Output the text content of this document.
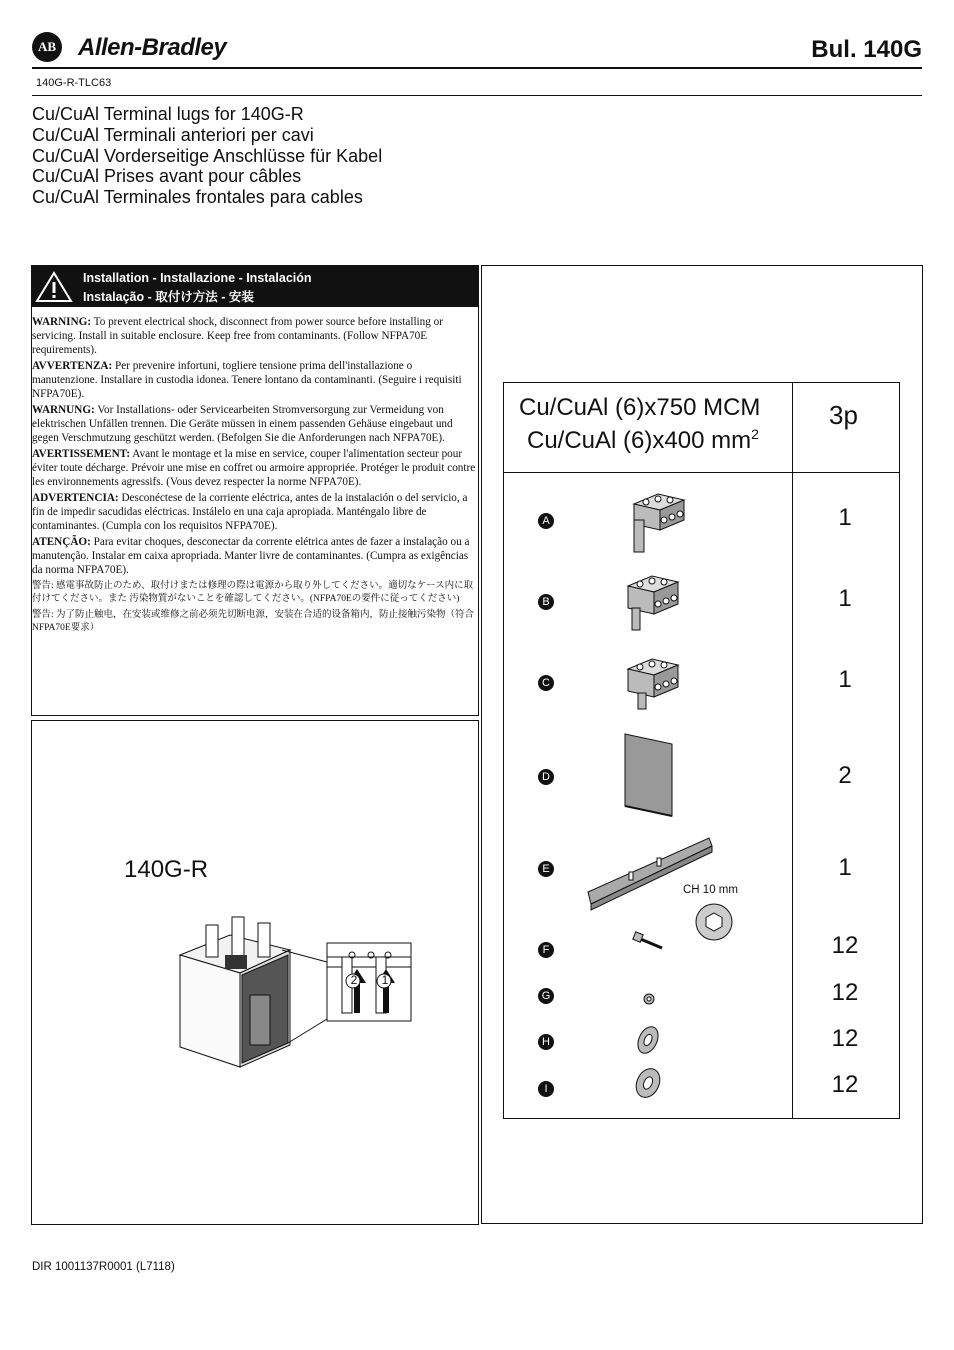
AB Allen-Bradley	Bul. 140G
140G-R-TLC63
Cu/CuAl Terminal lugs for 140G-R
Cu/CuAl Terminali anteriori per cavi
Cu/CuAl Vorderseitige Anschlüsse für Kabel
Cu/CuAl Prises avant pour câbles
Cu/CuAl Terminales frontales para cables
Installation - Installazione - Instalación
Instalação - 取付け方法 - 安装

WARNING: To prevent electrical shock, disconnect from power source before installing or servicing. Install in suitable enclosure. Keep free from contaminants. (Follow NFPA70E requirements).

AVVERTENZA: Per prevenire infortuni, togliere tensione prima dell'installazione o manutenzione. Installare in custodia idonea. Tenere lontano da contaminanti. (Seguire i requisiti NFPA70E).

WARNUNG: Vor Installations- oder Servicearbeiten Stromversorgung zur Vermeidung von elektrischen Unfällen trennen. Die Geräte müssen in einem passenden Gehäuse eingebaut und gegen Verschmutzung geschützt werden. (Befolgen Sie die Anforderungen nach NFPA70E).

AVERTISSEMENT: Avant le montage et la mise en service, couper l'alimentation secteur pour éviter toute décharge. Prévoir une mise en coffret ou armoire appropriée. Protéger le produit contre les environnements agressifs. (Vous devez respecter la norme NFPA70E).

ADVERTENCIA: Desconéctese de la corriente eléctrica, antes de la instalación o del servicio, a fin de impedir sacudidas eléctricas. Instálelo en una caja apropiada. Manténgalo libre de contaminantes. (Cumpla con los requisitos NFPA70E).

ATENÇÃO: Para evitar choques, desconectar da corrente elétrica antes de fazer a instalação ou a manutenção. Instalar em caixa apropriada. Manter livre de contaminantes. (Cumpra as exigências da norma NFPA70E).

警告: 感電事故防止のため、取付けまたは修理の際は電源から取り外してください。適切なケース内に取付けてください。また 汚染物質がないことを確認してください。(NFPA70Eの要件に従ってください)

警告: 为了防止触电，在安装或维修之前必须先切断电源，安装在合适的设备箱内，防止接触污染物（符合NFPA70E要求）

140G-R
2 1
Cu/CuAl (6)x750 MCM
Cu/CuAl (6)x400 $mm^2$
3p
A	1
B	1
C	1
D	2
E	1
F	12
G	12
H	12
I	12
CH 10 mm
DIR 1001137R0001 (L7118)
